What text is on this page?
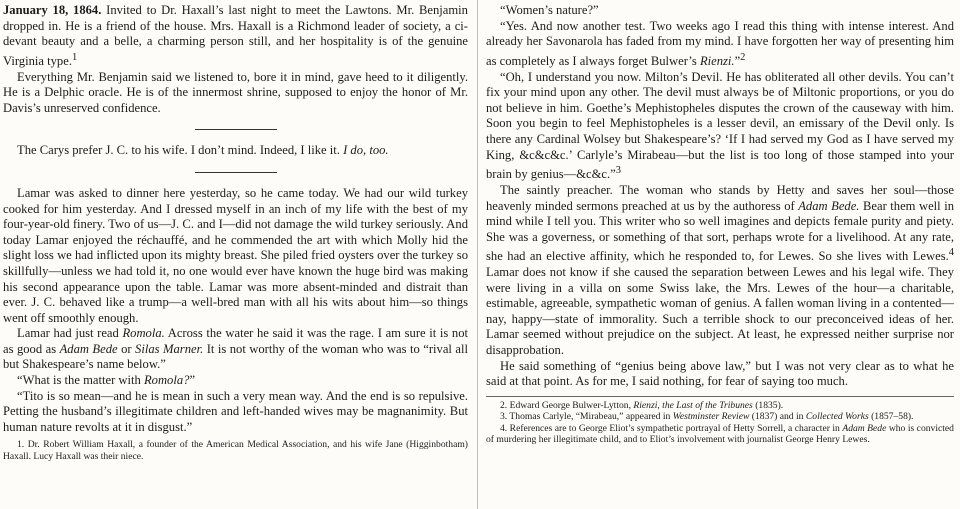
January 18, 1864. Invited to Dr. Haxall’s last night to meet the Lawtons. Mr. Benjamin dropped in. He is a friend of the house. Mrs. Haxall is a Richmond leader of society, a ci-devant beauty and a belle, a charming person still, and her hospitality is of the genuine Virginia type.$^1$

Everything Mr. Benjamin said we listened to, bore it in mind, gave heed to it diligently. He is a Delphic oracle. He is of the innermost shrine, supposed to enjoy the honor of Mr. Davis’s unreserved confidence.

The Carys prefer J. C. to his wife. I don’t mind. Indeed, I like it. I do, too.

Lamar was asked to dinner here yesterday, so he came today. We had our wild turkey cooked for him yesterday. And I dressed myself in an inch of my life with the best of my four-year-old finery. Two of us—J. C. and I—did not damage the wild turkey seriously. And today Lamar enjoyed the réchauffé, and he commended the art with which Molly hid the slight loss we had inflicted upon its mighty breast. She piled fried oysters over the turkey so skillfully—unless we had told it, no one would ever have known the huge bird was making his second appearance upon the table. Lamar was more absent-minded and distrait than ever. J. C. behaved like a trump—a well-bred man with all his wits about him—so things went off smoothly enough.

Lamar had just read Romola. Across the water he said it was the rage. I am sure it is not as good as Adam Bede or Silas Marner. It is not worthy of the woman who was to “rival all but Shakespeare’s name below.”

“What is the matter with Romola?”

“Tito is so mean—and he is mean in such a very mean way. And the end is so repulsive. Petting the husband’s illegitimate children and left-handed wives may be magnanimity. But human nature revolts at it in disgust.”

1. Dr. Robert William Haxall, a founder of the American Medical Association, and his wife Jane (Higginbotham) Haxall. Lucy Haxall was their niece.

“Women’s nature?”

“Yes. And now another test. Two weeks ago I read this thing with intense interest. And already her Savonarola has faded from my mind. I have forgotten her way of presenting him as completely as I always forget Bulwer’s Rienzi.”$^2$

“Oh, I understand you now. Milton’s Devil. He has obliterated all other devils. You can’t fix your mind upon any other. The devil must always be of Miltonic proportions, or you do not believe in him. Goethe’s Mephistopheles disputes the crown of the causeway with him. Soon you begin to feel Mephistopheles is a lesser devil, an emissary of the Devil only. Is there any Cardinal Wolsey but Shakespeare’s? ‘If I had served my God as I have served my King, &c&c&c.’ Carlyle’s Mirabeau—but the list is too long of those stamped into your brain by genius—&c&c.”$^3$

The saintly preacher. The woman who stands by Hetty and saves her soul—those heavenly minded sermons preached at us by the authoress of Adam Bede. Bear them well in mind while I tell you. This writer who so well imagines and depicts female purity and piety. She was a governess, or something of that sort, perhaps wrote for a livelihood. At any rate, she had an elective affinity, which he responded to, for Lewes. So she lives with Lewes.$^4$ Lamar does not know if she caused the separation between Lewes and his legal wife. They were living in a villa on some Swiss lake, the Mrs. Lewes of the hour—a charitable, estimable, agreeable, sympathetic woman of genius. A fallen woman living in a contented—nay, happy—state of immorality. Such a terrible shock to our preconceived ideas of her. Lamar seemed without prejudice on the subject. At least, he expressed neither surprise nor disapprobation.

He said something of “genius being above law,” but I was not very clear as to what he said at that point. As for me, I said nothing, for fear of saying too much.

2. Edward George Bulwer-Lytton, Rienzi, the Last of the Tribunes (1835).

3. Thomas Carlyle, “Mirabeau,” appeared in Westminster Review (1837) and in Collected Works (1857–58).

4. References are to George Eliot’s sympathetic portrayal of Hetty Sorrell, a character in Adam Bede who is convicted of murdering her illegitimate child, and to Eliot’s involvement with journalist George Henry Lewes.
